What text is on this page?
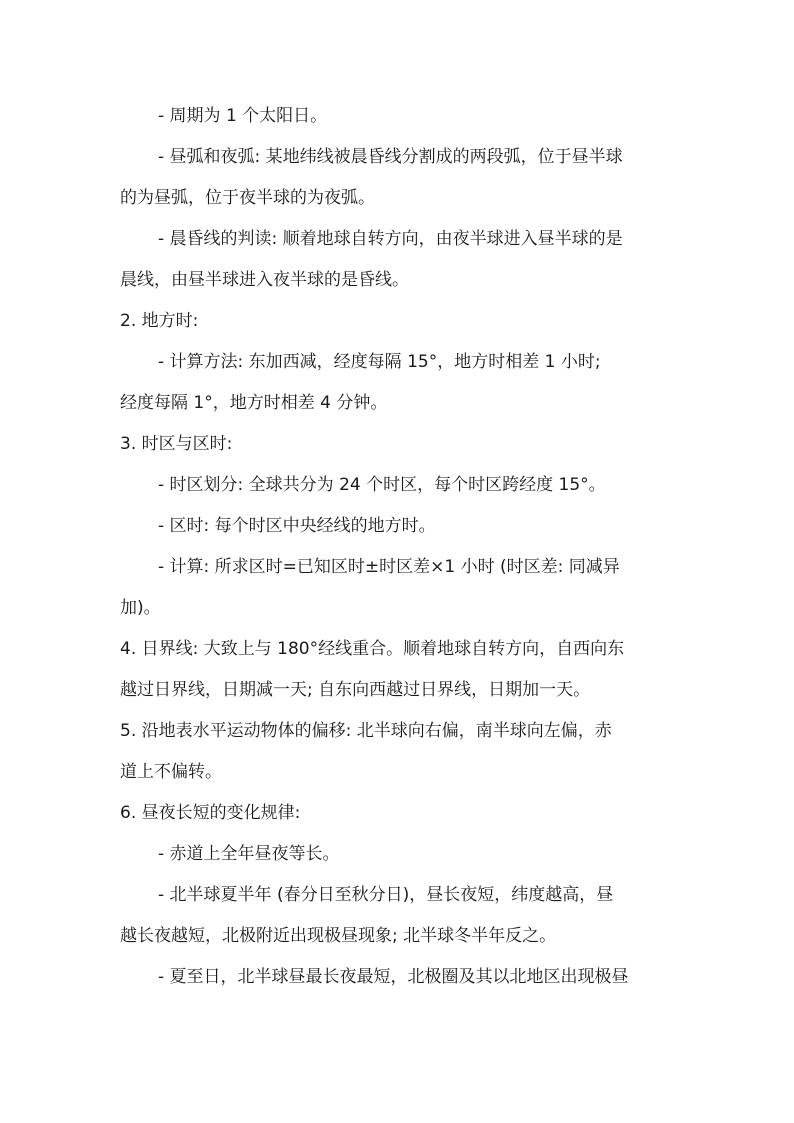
- 周期为 1 个太阳日。
- 昼弧和夜弧: 某地纬线被晨昏线分割成的两段弧，位于昼半球
的为昼弧，位于夜半球的为夜弧。
- 晨昏线的判读: 顺着地球自转方向，由夜半球进入昼半球的是
晨线，由昼半球进入夜半球的是昏线。
2. 地方时:
- 计算方法: 东加西减，经度每隔 15°，地方时相差 1 小时;
经度每隔 1°，地方时相差 4 分钟。
3. 时区与区时:
- 时区划分: 全球共分为 24 个时区，每个时区跨经度 15°。
- 区时: 每个时区中央经线的地方时。
- 计算: 所求区时=已知区时±时区差×1 小时 (时区差: 同减异
加)。
4. 日界线: 大致上与 180°经线重合。顺着地球自转方向，自西向东
越过日界线，日期减一天; 自东向西越过日界线，日期加一天。
5. 沿地表水平运动物体的偏移: 北半球向右偏，南半球向左偏，赤
道上不偏转。
6. 昼夜长短的变化规律:
- 赤道上全年昼夜等长。
- 北半球夏半年 (春分日至秋分日)，昼长夜短，纬度越高，昼
越长夜越短，北极附近出现极昼现象; 北半球冬半年反之。
- 夏至日，北半球昼最长夜最短，北极圈及其以北地区出现极昼
